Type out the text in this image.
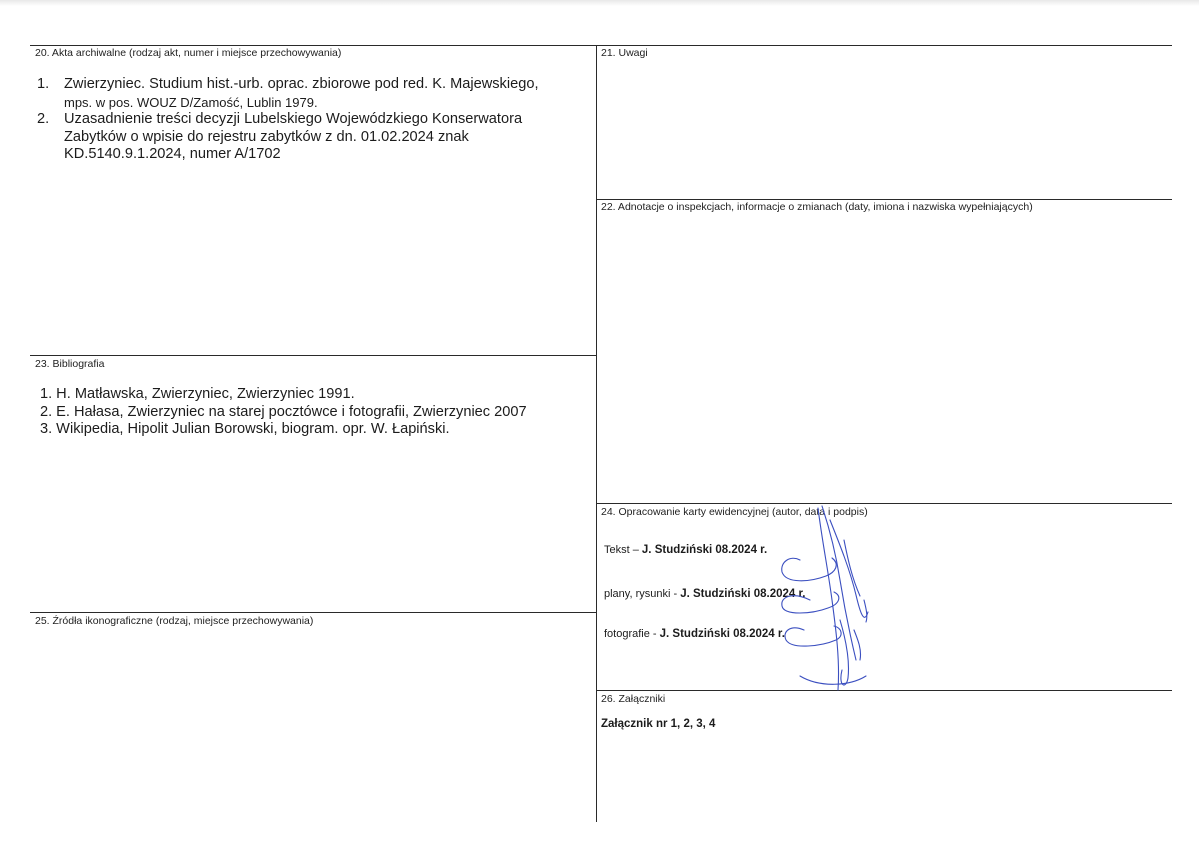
20. Akta archiwalne (rodzaj akt, numer i miejsce przechowywania)
1. Zwierzyniec. Studium hist.-urb. oprac. zbiorowe pod red. K. Majewskiego,
mps. w pos. WOUZ D/Zamość, Lublin 1979.
2. Uzasadnienie treści decyzji Lubelskiego Wojewódzkiego Konserwatora
Zabytków o wpisie do rejestru zabytków z dn. 01.02.2024 znak
KD.5140.9.1.2024, numer A/1702
21. Uwagi
22. Adnotacje o inspekcjach, informacje o zmianach (daty, imiona i nazwiska wypełniających)
23. Bibliografia
1. H. Matławska, Zwierzyniec, Zwierzyniec 1991.
2. E. Hałasa, Zwierzyniec na starej pocztówce i fotografii, Zwierzyniec 2007
3. Wikipedia, Hipolit Julian Borowski, biogram. opr. W. Łapiński.
24. Opracowanie karty ewidencyjnej (autor, data i podpis)
Tekst – J. Studziński 08.2024 r.
plany, rysunki - J. Studziński 08.2024 r.
fotografie - J. Studziński 08.2024 r.
25. Źródła ikonograficzne (rodzaj, miejsce przechowywania)
26. Załączniki
Załącznik nr 1, 2, 3, 4
